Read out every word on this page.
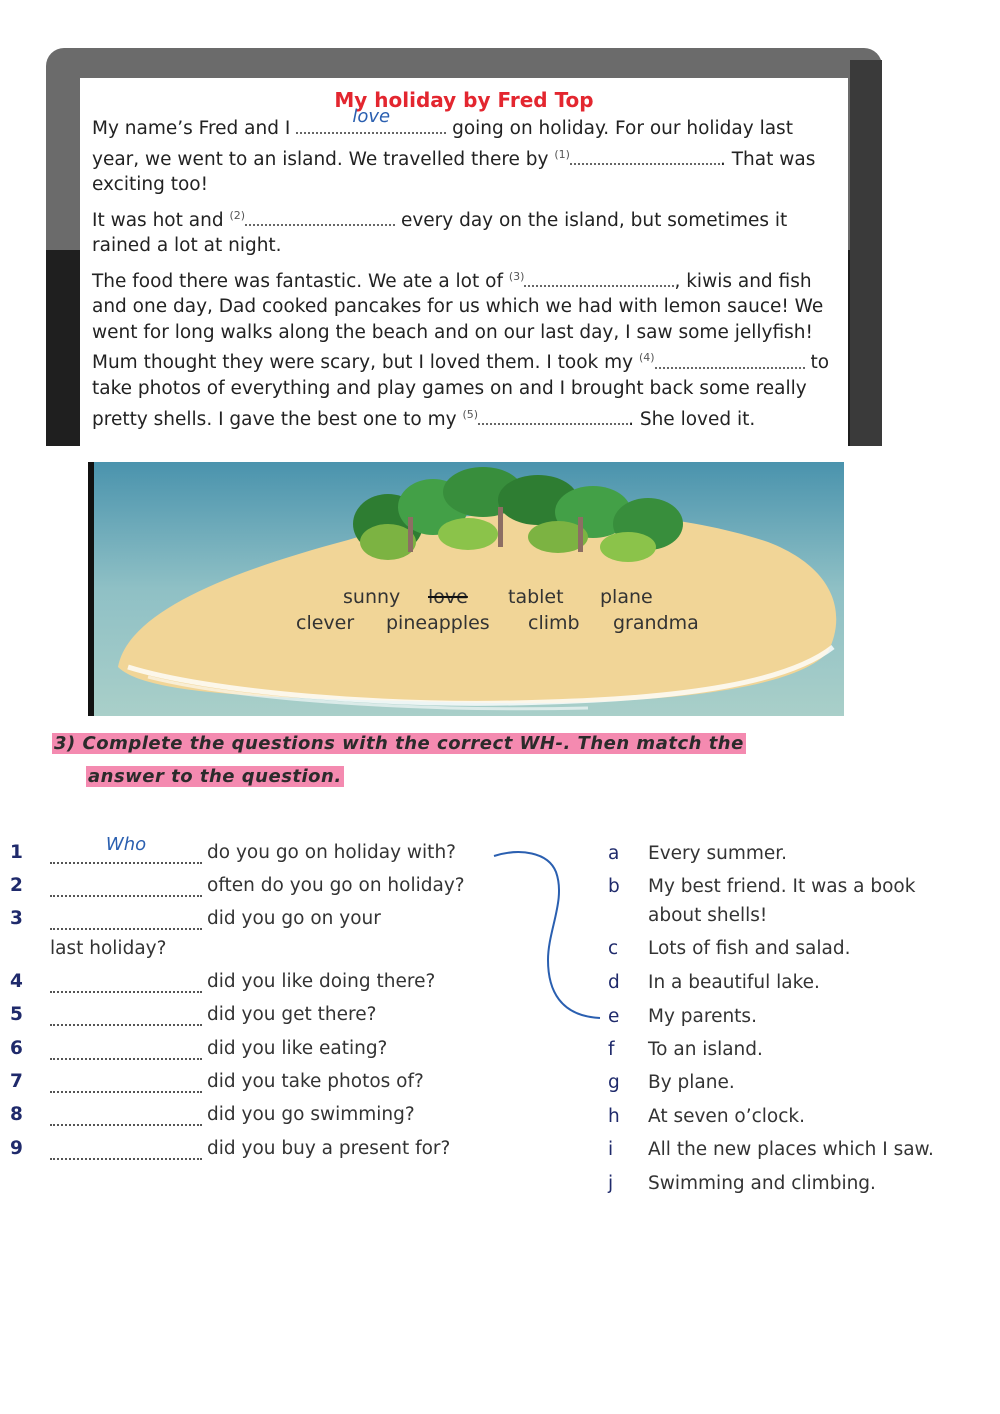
My holiday by Fred Top

My name’s Fred and I
love
going on holiday. For our holiday last year, we went to an island. We travelled there by $^{(1)}$	. That was exciting too!

It was hot and $^{(2)}$	every day on the island, but sometimes it rained a lot at night.

The food there was fantastic. We ate a lot of $^{(3)}$	, kiwis and fish and one day, Dad cooked pancakes for us which we had with lemon sauce! We went for long walks along the beach and on our last day, I saw some jellyfish! Mum thought they were scary, but I loved them. I took my $^{(4)}$	to take photos of everything and play games on and I brought back some really pretty shells. I gave the best one to my $^{(5)}$	. She loved it.

sunny love tablet plane
clever pineapples climb grandma
3) Complete the questions with the correct WH-. Then match the
answer to the question.
1	Who	do you go on holiday with?
2	often do you go on holiday?
3	did you go on your
last holiday?
4	did you like doing there?
5	did you get there?
6	did you like eating?
7	did you take photos of?
8	did you go swimming?
9	did you buy a present for?
a Every summer.
b My best friend. It was a book
about shells!
c Lots of fish and salad.
d In a beautiful lake.
e My parents.
f To an island.
g By plane.
h At seven o’clock.
i All the new places which I saw.
j Swimming and climbing.
